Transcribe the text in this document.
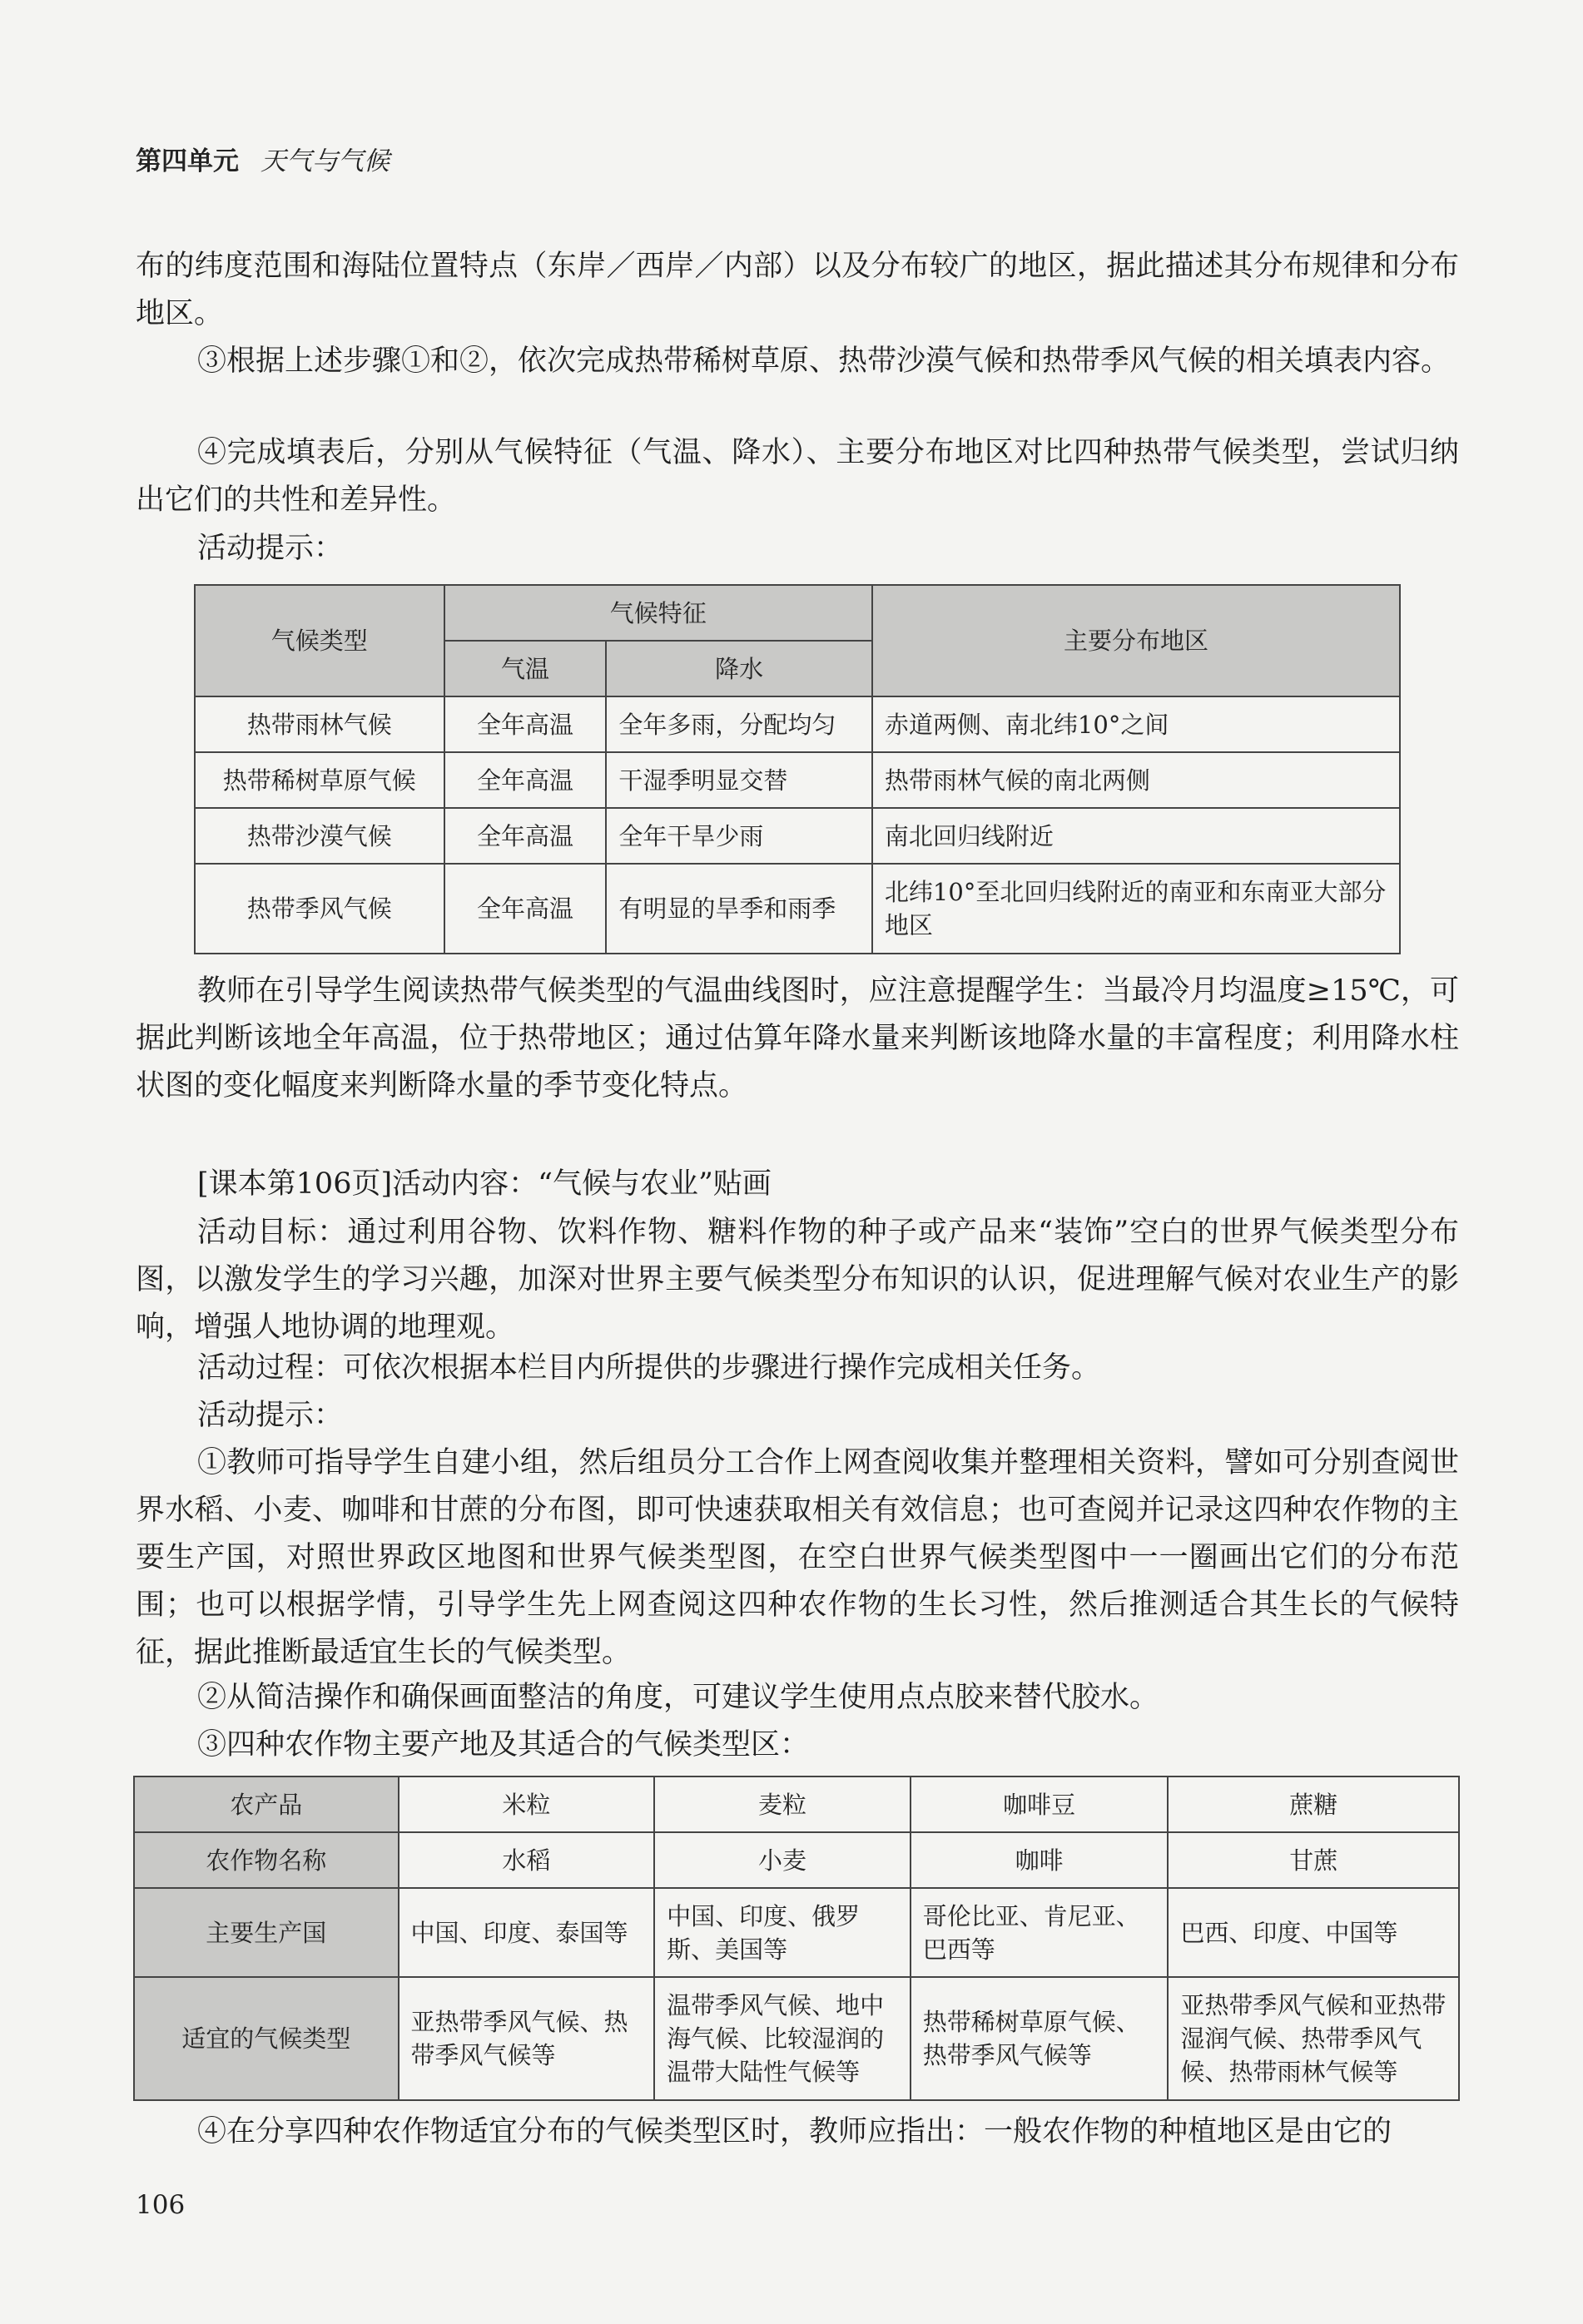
第四单元 天气与气候

布的纬度范围和海陆位置特点（东岸／西岸／内部）以及分布较广的地区，据此描述其分布规律和分布地区。

③根据上述步骤①和②，依次完成热带稀树草原、热带沙漠气候和热带季风气候的相关填表内容。

④完成填表后，分别从气候特征（气温、降水）、主要分布地区对比四种热带气候类型，尝试归纳出它们的共性和差异性。

活动提示：

气候类型	气候特征		主要分布地区
	气温	降水	
热带雨林气候	全年高温	全年多雨，分配均匀	赤道两侧、南北纬10°之间
热带稀树草原气候	全年高温	干湿季明显交替	热带雨林气候的南北两侧
热带沙漠气候	全年高温	全年干旱少雨	南北回归线附近
热带季风气候	全年高温	有明显的旱季和雨季	北纬10°至北回归线附近的南亚和东南亚大部分地区

教师在引导学生阅读热带气候类型的气温曲线图时，应注意提醒学生：当最冷月均温度≥15℃，可据此判断该地全年高温，位于热带地区；通过估算年降水量来判断该地降水量的丰富程度；利用降水柱状图的变化幅度来判断降水量的季节变化特点。

[课本第106页]活动内容：“气候与农业”贴画

活动目标：通过利用谷物、饮料作物、糖料作物的种子或产品来“装饰”空白的世界气候类型分布图，以激发学生的学习兴趣，加深对世界主要气候类型分布知识的认识，促进理解气候对农业生产的影响，增强人地协调的地理观。

活动过程：可依次根据本栏目内所提供的步骤进行操作完成相关任务。

活动提示：

①教师可指导学生自建小组，然后组员分工合作上网查阅收集并整理相关资料，譬如可分别查阅世界水稻、小麦、咖啡和甘蔗的分布图，即可快速获取相关有效信息；也可查阅并记录这四种农作物的主要生产国，对照世界政区地图和世界气候类型图，在空白世界气候类型图中一一圈画出它们的分布范围；也可以根据学情，引导学生先上网查阅这四种农作物的生长习性，然后推测适合其生长的气候特征，据此推断最适宜生长的气候类型。

②从简洁操作和确保画面整洁的角度，可建议学生使用点点胶来替代胶水。

③四种农作物主要产地及其适合的气候类型区：

农产品	米粒	麦粒	咖啡豆	蔗糖
农作物名称	水稻	小麦	咖啡	甘蔗
主要生产国	中国、印度、泰国等	中国、印度、俄罗斯、美国等	哥伦比亚、肯尼亚、巴西等	巴西、印度、中国等
适宜的气候类型	亚热带季风气候、热带季风气候等	温带季风气候、地中海气候、比较湿润的温带大陆性气候等	热带稀树草原气候、热带季风气候等	亚热带季风气候和亚热带湿润气候、热带季风气候、热带雨林气候等

④在分享四种农作物适宜分布的气候类型区时，教师应指出：一般农作物的种植地区是由它的

106
